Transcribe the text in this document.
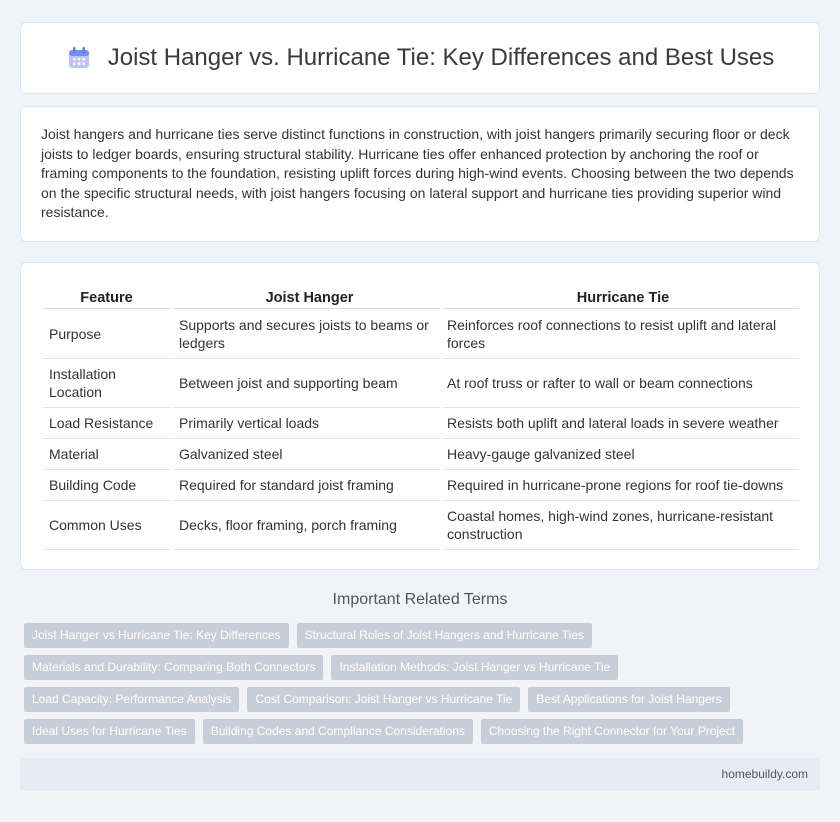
Joist Hanger vs. Hurricane Tie: Key Differences and Best Uses

Joist hangers and hurricane ties serve distinct functions in construction, with joist hangers primarily securing floor or deck joists to ledger boards, ensuring structural stability. Hurricane ties offer enhanced protection by anchoring the roof or framing components to the foundation, resisting uplift forces during high-wind events. Choosing between the two depends on the specific structural needs, with joist hangers focusing on lateral support and hurricane ties providing superior wind resistance.

Feature		Joist Hanger		Hurricane Tie
Purpose		Supports and secures joists to beams or ledgers		Reinforces roof connections to resist uplift and lateral forces
Installation Location		Between joist and supporting beam		At roof truss or rafter to wall or beam connections
Load Resistance		Primarily vertical loads		Resists both uplift and lateral loads in severe weather
Material		Galvanized steel		Heavy-gauge galvanized steel
Building Code		Required for standard joist framing		Required in hurricane-prone regions for roof tie-downs
Common Uses		Decks, floor framing, porch framing		Coastal homes, high-wind zones, hurricane-resistant construction
Important Related Terms
Joist Hanger vs Hurricane Tie: Key Differences	Structural Roles of Joist Hangers and Hurricane Ties
Materials and Durability: Comparing Both Connectors	Installation Methods: Joist Hanger vs Hurricane Tie
Load Capacity: Performance Analysis	Cost Comparison: Joist Hanger vs Hurricane Tie	Best Applications for Joist Hangers
Ideal Uses for Hurricane Ties	Building Codes and Compliance Considerations	Choosing the Right Connector for Your Project
homebuildy.com
